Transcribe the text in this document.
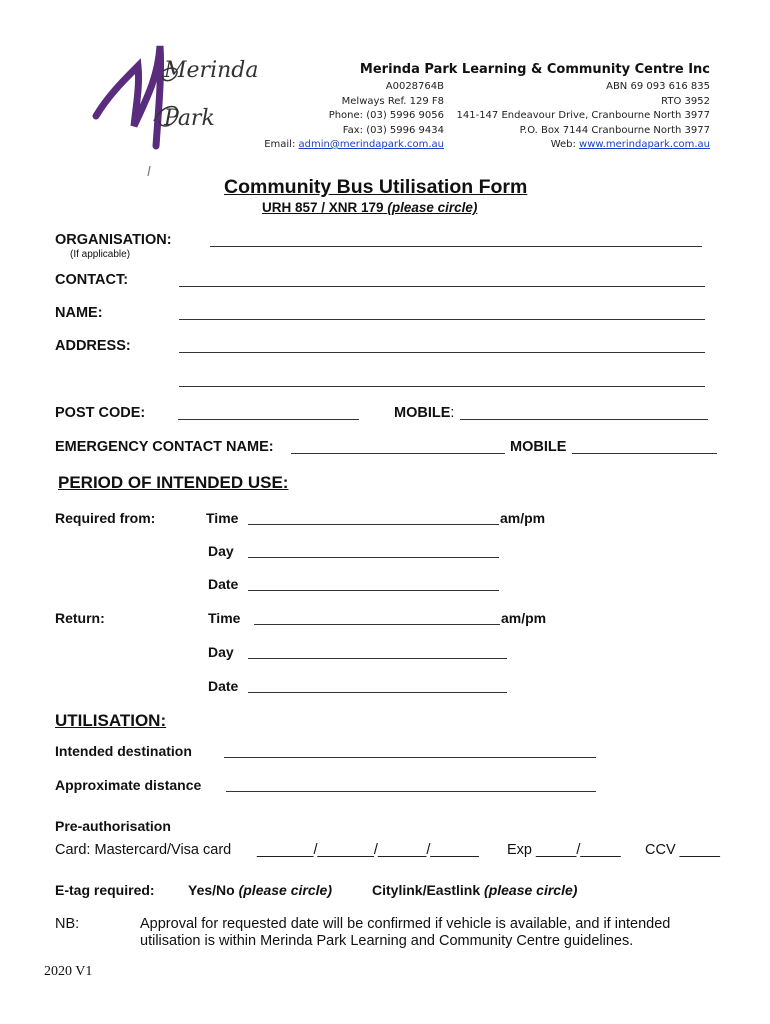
Merinda
Park
Merinda Park Learning & Community Centre Inc
A0028764B
Melways Ref. 129 F8
Phone: (03) 5996 9056
Fax: (03) 5996 9434
Email: admin@merindapark.com.au
ABN 69 093 616 835
RTO 3952
141-147 Endeavour Drive, Cranbourne North 3977
P.O. Box 7144 Cranbourne North 3977
Web: www.merindapark.com.au
Community Bus Utilisation Form
URH 857 / XNR 179 (please circle)
ORGANISATION:
(If applicable)
CONTACT:
NAME:
ADDRESS:
POST CODE:	MOBILE:
EMERGENCY CONTACT NAME:	MOBILE
PERIOD OF INTENDED USE:
Required from:	Time	am/pm
Day
Date
Return:	Time	am/pm
Day
Date
UTILISATION:
Intended destination
Approximate distance
Pre-authorisation
Card: Mastercard/Visa card _______/_______/______/______ Exp _____/_____ CCV _____
E-tag required: Yes/No (please circle)	Citylink/Eastlink (please circle)
NB:	Approval for requested date will be confirmed if vehicle is available, and if intended
utilisation is within Merinda Park Learning and Community Centre guidelines.
2020 V1
